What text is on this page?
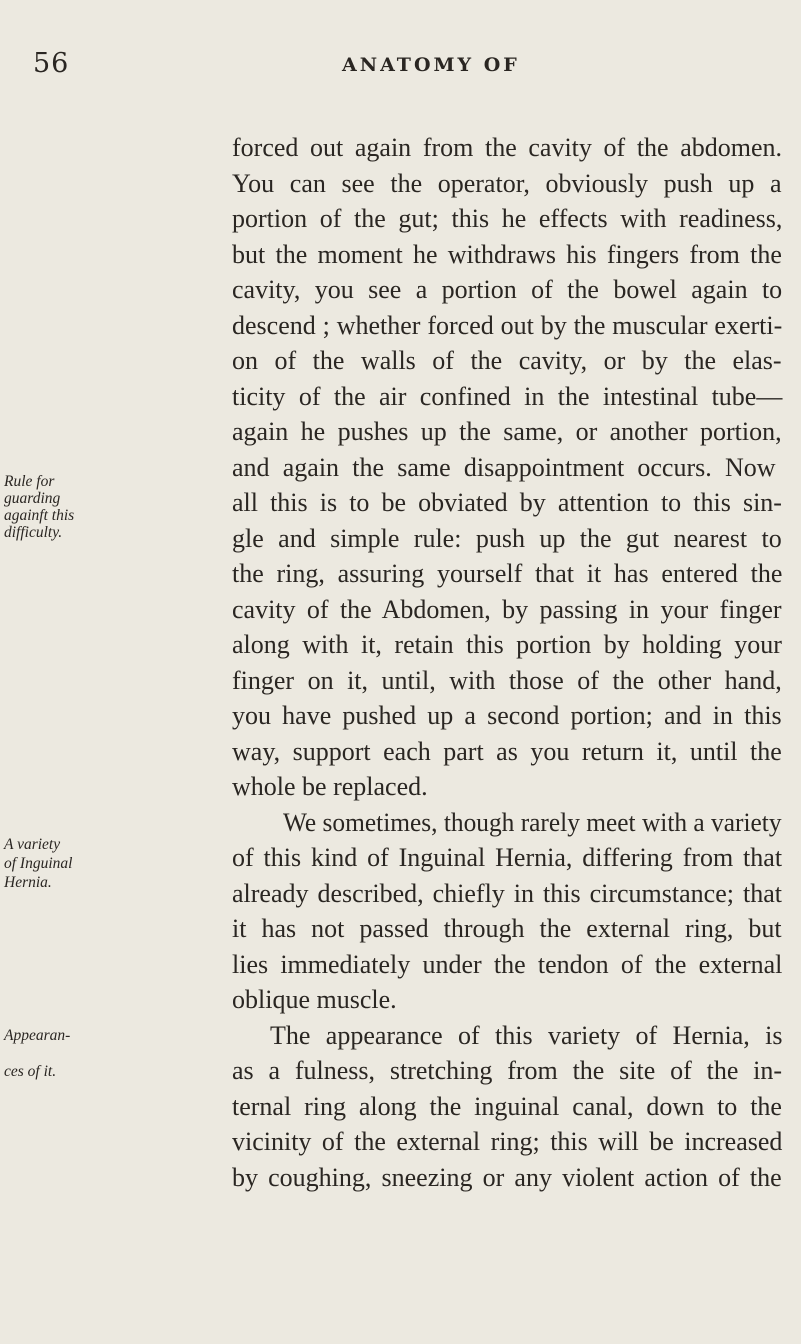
56	ANATOMY OF
forced out again from the cavity of the abdomen.
You can see the operator, obviously push up a
portion of the gut; this he effects with readiness,
but the moment he withdraws his fingers from the
cavity, you see a portion of the bowel again to
descend ; whether forced out by the muscular exerti-
on of the walls of the cavity, or by the elas-
ticity of the air confined in the intestinal tube—
again he pushes up the same, or another portion,
and again the same disappointment occurs. Now
all this is to be obviated by attention to this sin-
gle and simple rule: push up the gut nearest to
the ring, assuring yourself that it has entered the
cavity of the Abdomen, by passing in your finger
along with it, retain this portion by holding your
finger on it, until, with those of the other hand,
you have pushed up a second portion; and in this
way, support each part as you return it, until the
whole be replaced.
We sometimes, though rarely meet with a variety
of this kind of Inguinal Hernia, differing from that
already described, chiefly in this circumstance; that
it has not passed through the external ring, but
lies immediately under the tendon of the external
oblique muscle.
The appearance of this variety of Hernia, is
as a fulness, stretching from the site of the in-
ternal ring along the inguinal canal, down to the
vicinity of the external ring; this will be increased
by coughing, sneezing or any violent action of the
Rule for
guarding
againft this
difficulty.
A variety
of Inguinal
Hernia.
Appearan-
ces of it.
